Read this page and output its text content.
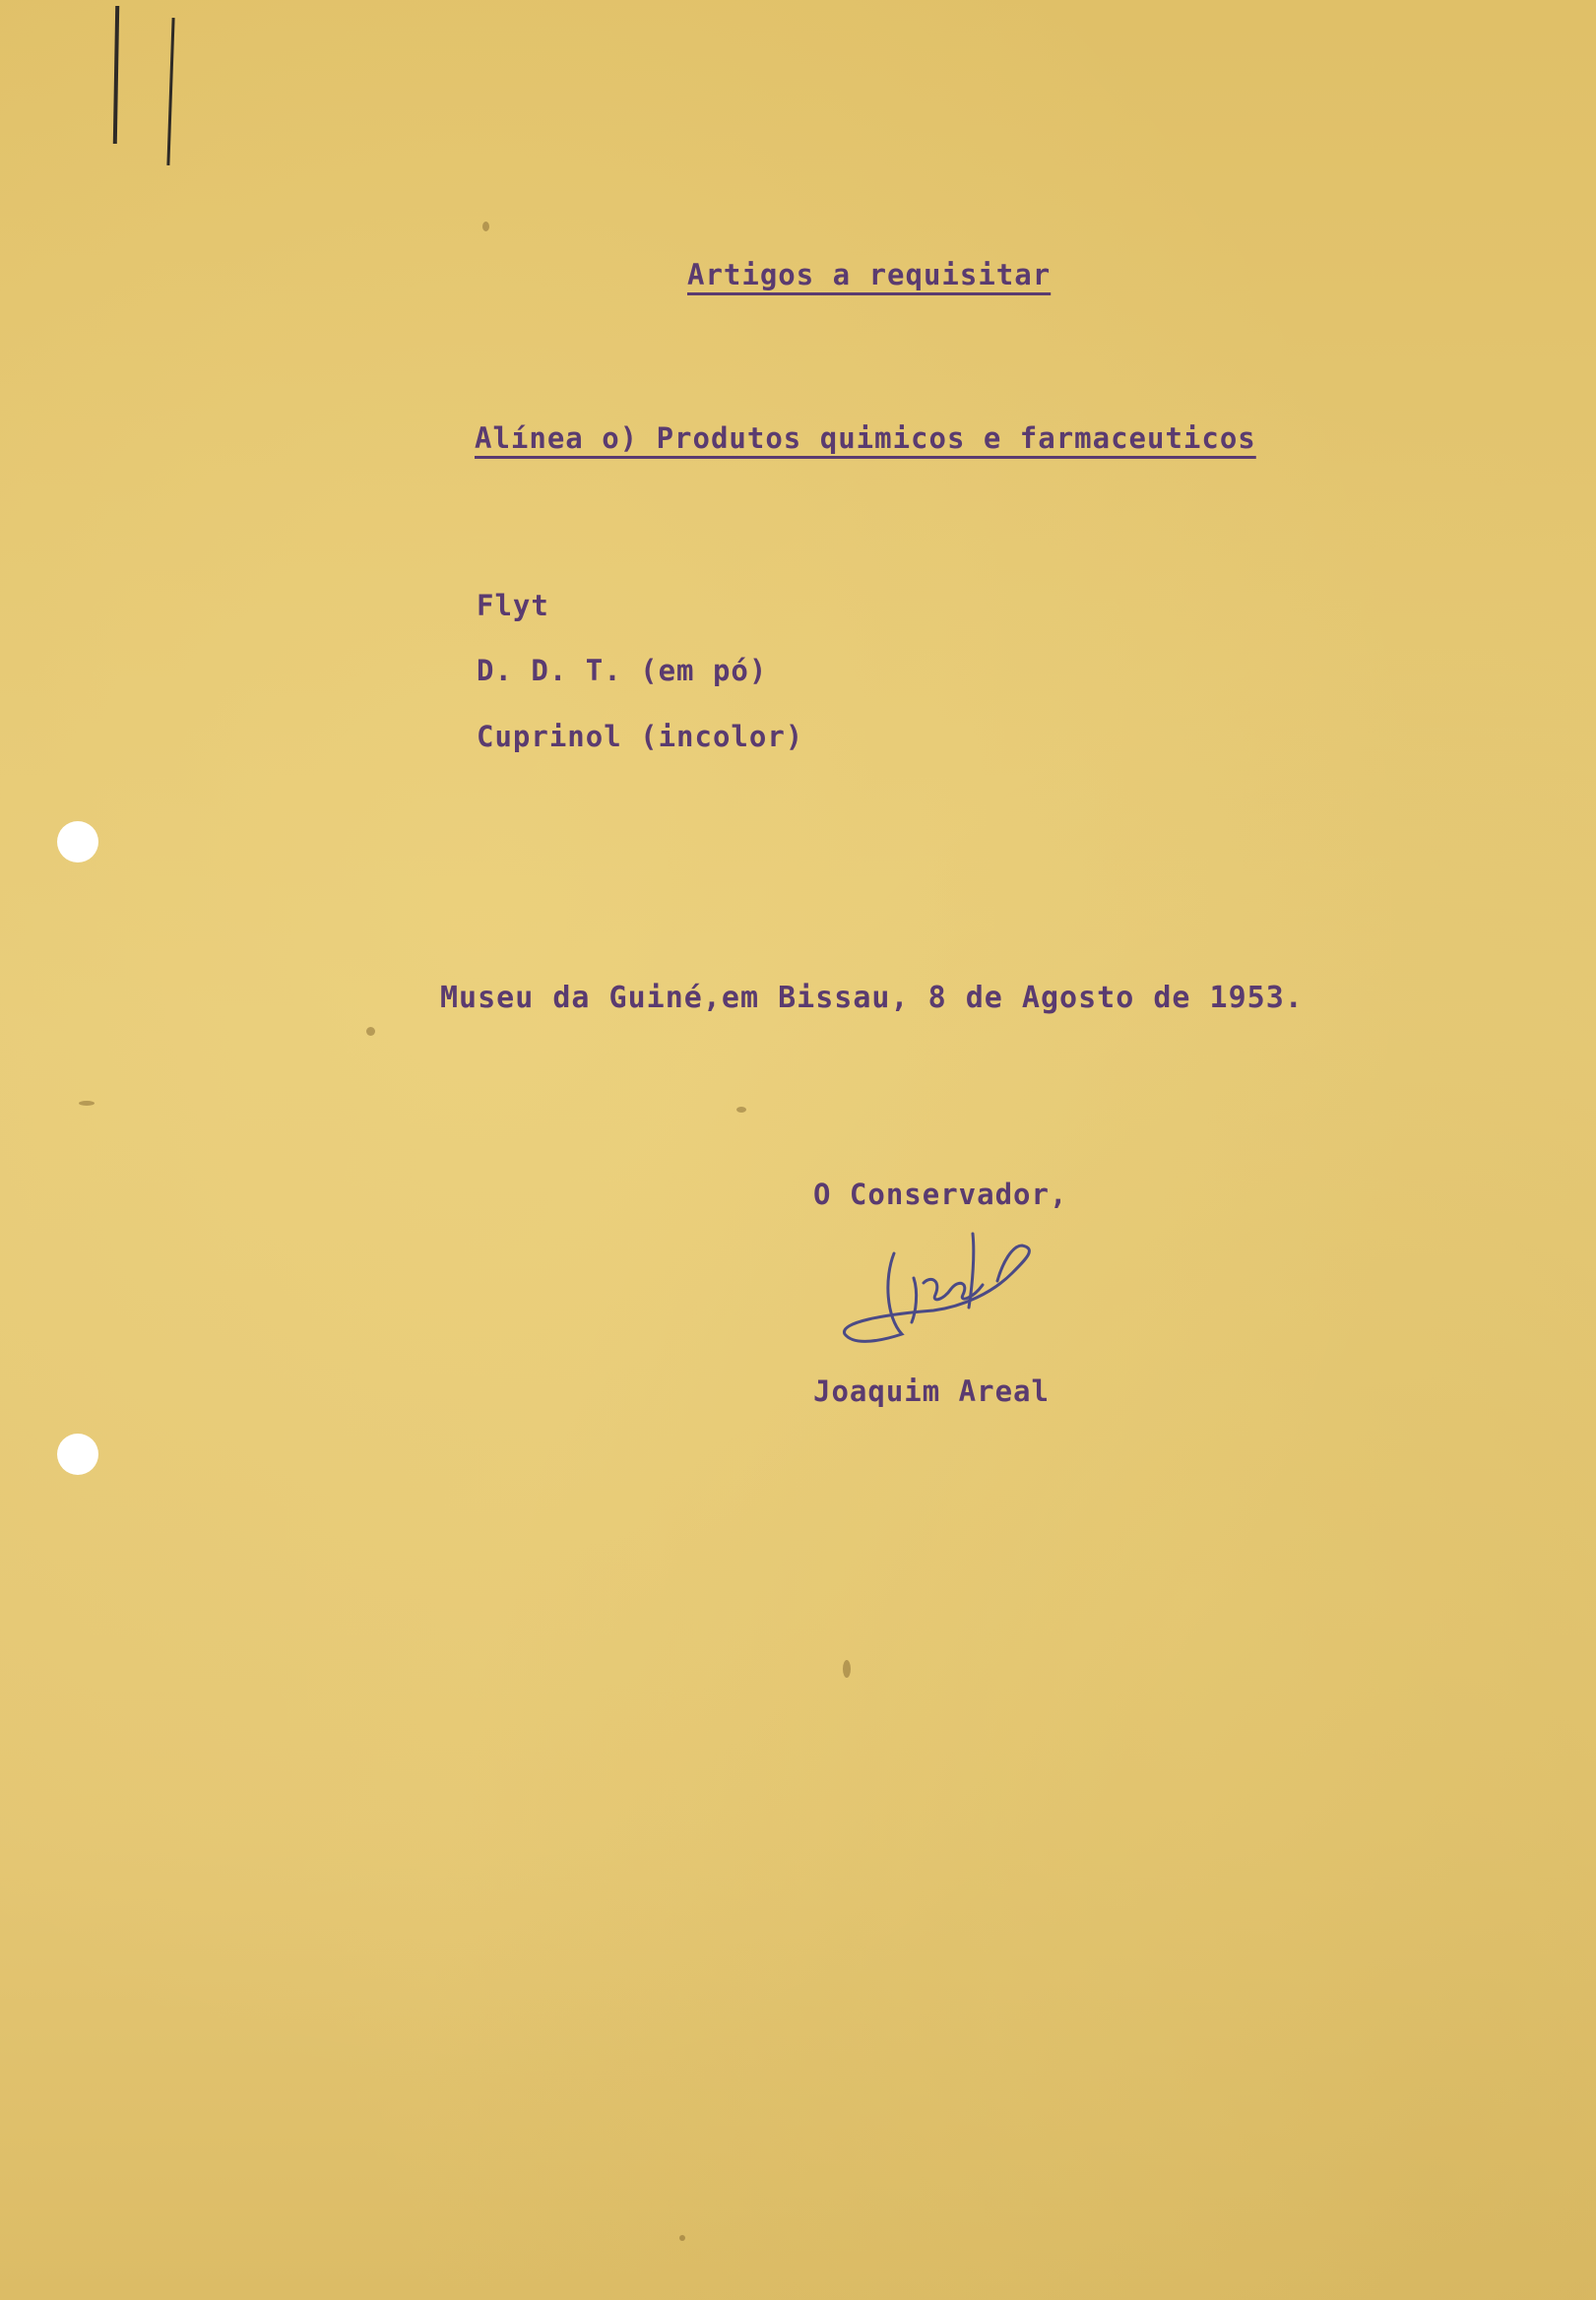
Artigos a requisitar
Alínea o) Produtos quimicos e farmaceuticos
Flyt
D. D. T. (em pó)
Cuprinol (incolor)
Museu da Guiné,em Bissau, 8 de Agosto de 1953.
O Conservador,
Joaquim Areal
